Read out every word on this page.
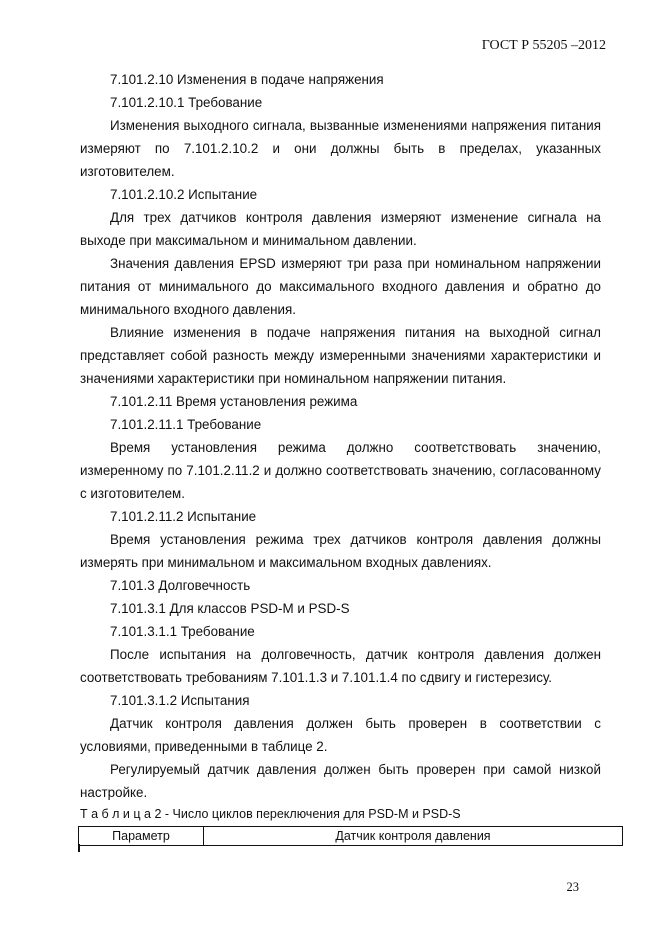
ГОСТ Р 55205 –2012

7.101.2.10 Изменения в подаче напряжения

7.101.2.10.1 Требование

Изменения выходного сигнала, вызванные изменениями напряжения питания измеряют по 7.101.2.10.2 и они должны быть в пределах, указанных изготовителем.

7.101.2.10.2 Испытание

Для трех датчиков контроля давления измеряют изменение сигнала на выходе при максимальном и минимальном давлении.

Значения давления EPSD измеряют три раза при номинальном напряжении питания от минимального до максимального входного давления и обратно до минимального входного давления.

Влияние изменения в подаче напряжения питания на выходной сигнал представляет собой разность между измеренными значениями характеристики и значениями характеристики при номинальном напряжении питания.

7.101.2.11 Время установления режима

7.101.2.11.1 Требование

Время установления режима должно соответствовать значению, измеренному по 7.101.2.11.2 и должно соответствовать значению, согласованному с изготовителем.

7.101.2.11.2 Испытание

Время установления режима трех датчиков контроля давления должны измерять при минимальном и максимальном входных давлениях.

7.101.3 Долговечность

7.101.3.1 Для классов PSD-M и PSD-S

7.101.3.1.1 Требование

После испытания на долговечность, датчик контроля давления должен соответствовать требованиям 7.101.1.3 и 7.101.1.4 по сдвигу и гистерезису.

7.101.3.1.2 Испытания

Датчик контроля давления должен быть проверен в соответствии с условиями, приведенными в таблице 2.

Регулируемый датчик давления должен быть проверен при самой низкой настройке.

Т а б л и ц а 2 - Число циклов переключения для PSD-M и PSD-S
Параметр	Датчик контроля давления
23
